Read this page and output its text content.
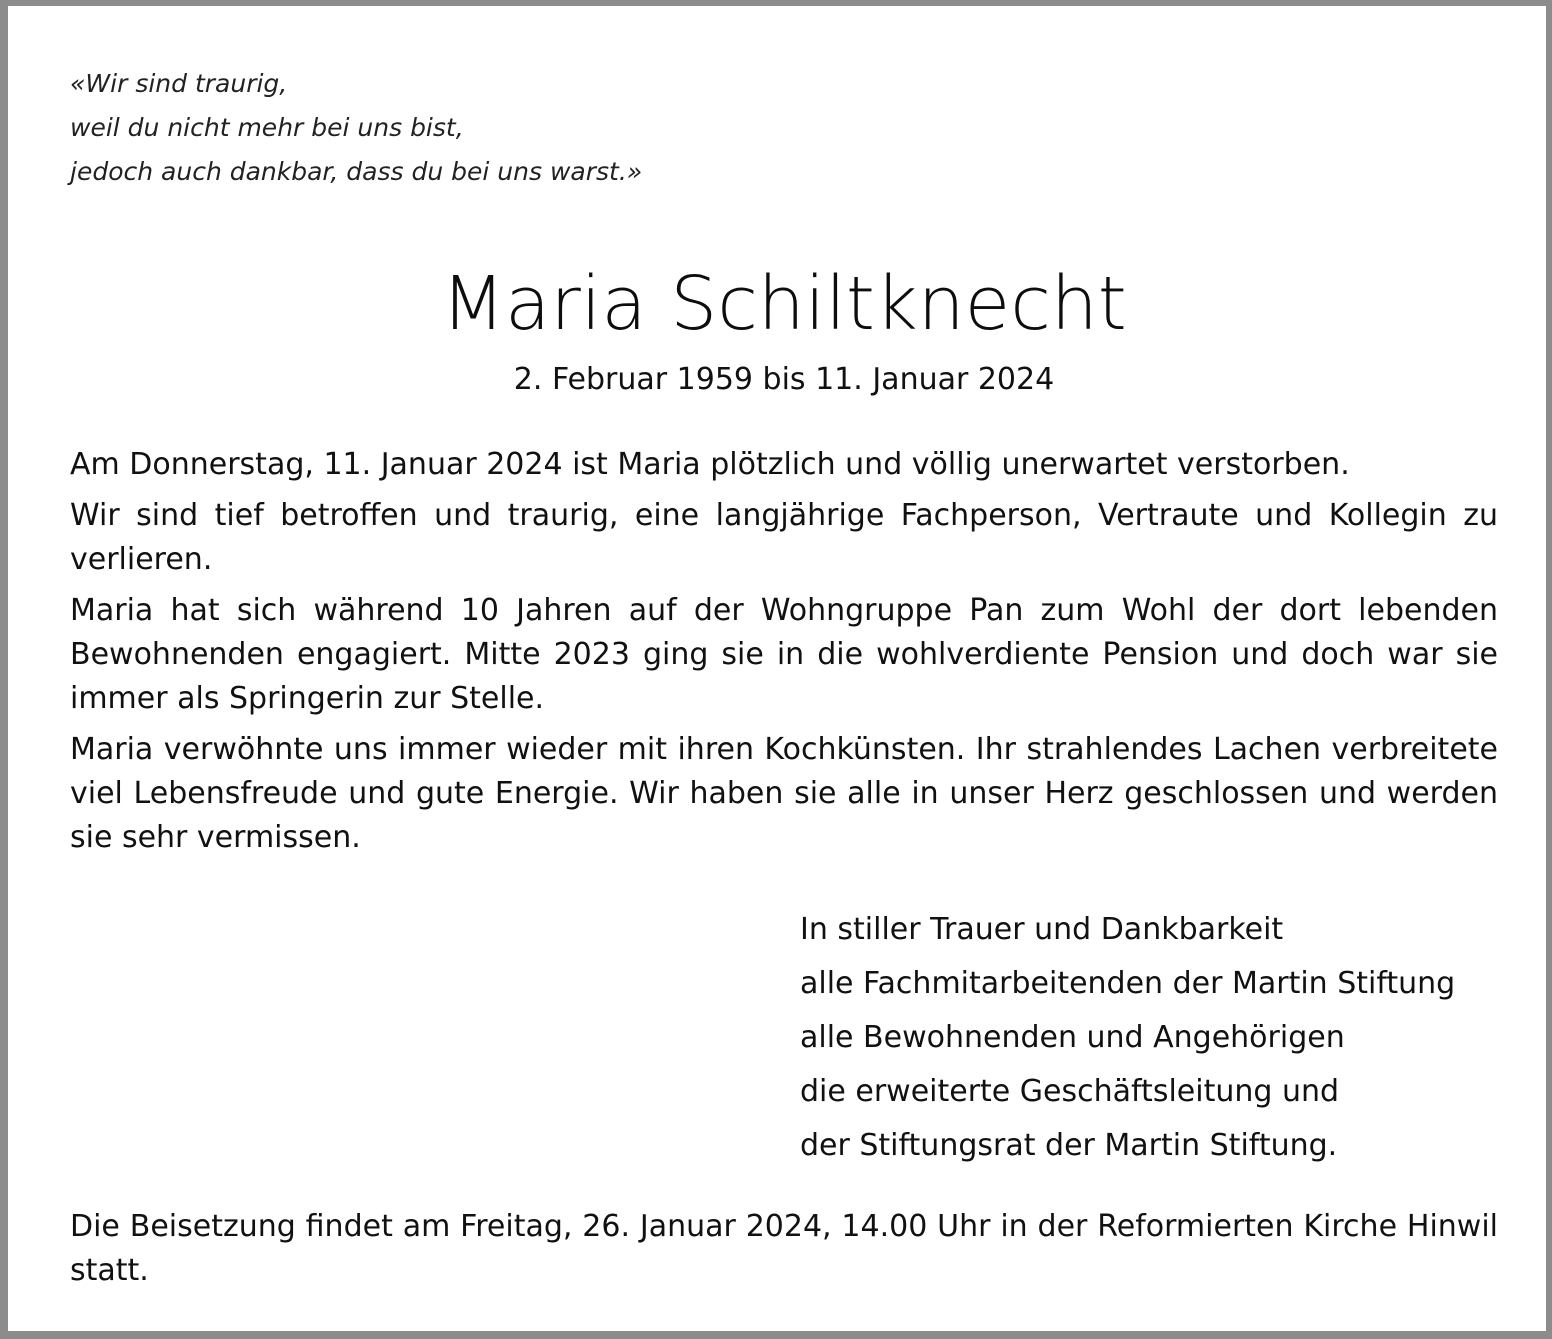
«Wir sind traurig,
weil du nicht mehr bei uns bist,
jedoch auch dankbar, dass du bei uns warst.»
Maria Schiltknecht
2. Februar 1959 bis 11. Januar 2024

Am Donnerstag, 11. Januar 2024 ist Maria plötzlich und völlig unerwartet verstorben.

Wir sind tief betroffen und traurig, eine langjährige Fachperson, Vertraute und Kollegin zu verlieren.

Maria hat sich während 10 Jahren auf der Wohngruppe Pan zum Wohl der dort lebenden Bewohnenden engagiert. Mitte 2023 ging sie in die wohlverdiente Pension und doch war sie immer als Springerin zur Stelle.

Maria verwöhnte uns immer wieder mit ihren Kochkünsten. Ihr strahlendes Lachen verbreitete viel Lebensfreude und gute Energie. Wir haben sie alle in unser Herz geschlossen und werden sie sehr vermissen.

In stiller Trauer und Dankbarkeit
alle Fachmitarbeitenden der Martin Stiftung
alle Bewohnenden und Angehörigen
die erweiterte Geschäftsleitung und
der Stiftungsrat der Martin Stiftung.
Die Beisetzung findet am Freitag, 26. Januar 2024, 14.00 Uhr in der Reformierten Kirche Hinwil statt.
